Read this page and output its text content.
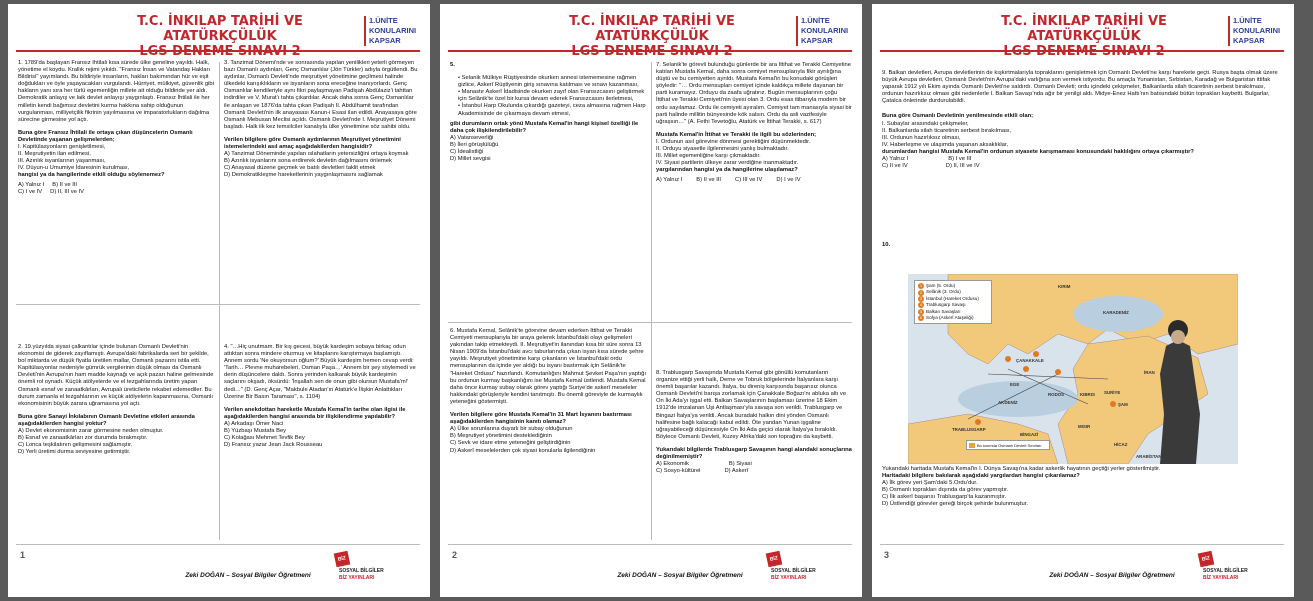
T.C. İNKILAP TARİHİ VE ATATÜRKÇÜLÜK
1.ÜNİTE
KONULARINI
KAPSAR

1. 1789'da başlayan Fransız İhtilali kısa sürede ülke geneline yayıldı. Halk, yönetime el koydu. Krallık rejimi yıkıldı. "Fransız İnsan ve Vatandaş Hakları Bildirisi" yayımlandı. Bu bildiriyle insanların, hakları bakımından hür ve eşit doğdukları ve öyle yaşayacakları vurgulandı. Hürriyet, mülkiyet, güvenlik gibi hakların yanı sıra her türlü egemenliğin millete ait olduğu bildiride yer aldı. Demokratik anlayış ve laik devlet anlayışı yaygınlaştı. Fransız İhtilali ile her milletin kendi bağımsız devletini kurma hakkına sahip olduğunun vurgulanması, milliyetçilik fikrinin yayılmasına ve imparatorlukların dağılma sürecine girmesine yol açtı.

Buna göre Fransız İhtilali ile ortaya çıkan düşüncelerin Osmanlı Devletinde yaşanan gelişmelerden;

I. Kapitülasyonların genişletilmesi,

II. Meşrutiyetin ilan edilmesi,

III. Azınlık isyanlarının yaşanması,

IV. Düyun-u Umumiye İdaresinin kurulması,

hangisi ya da hangilerinde etkili olduğu söylenemez?

A) Yalnız I B) II ve III
C) I ve IV D) II, III ve IV

2. 19.yüzyılda siyasi çalkantılar içinde bulunan Osmanlı Devleti'nin ekonomisi de giderek zayıflamıştı. Avrupa'daki fabrikalarda seri bir şekilde, bol miktarda ve düşük fiyatla üretilen mallar, Osmanlı pazarını istila etti. Kapitülasyonlar nedeniyle gümrük vergilerinin düşük olması da Osmanlı Devleti'nin Avrupa'nın ham madde kaynağı ve açık pazarı haline gelmesinde önemli rol oynadı. Küçük atölyelerde ve el tezgahlarında üretim yapan Osmanlı esnaf ve zanaatkârları, Avrupalı üreticilerle rekabet edemediler. Bu durum zamanla el tezgahlarının ve küçük atölyelerin kapanmasına, Osmanlı ekonomisinin büyük zarara uğramasına yol açtı.

Buna göre Sanayi İnkılabının Osmanlı Devletine etkileri arasında aşağıdakilerden hangisi yoktur?

A) Devlet ekonomisinin zarar görmesine neden olmuştur.

B) Esnaf ve zanaatkârları zor durumda bırakmıştır.

C) Lonca teşkilatının gelişmesini sağlamıştır.

D) Yerli üretimi durma seviyesine getirmiştir.

3. Tanzimat Dönemi'nde ve sonrasında yapılan yenilikleri yeterli görmeyen bazı Osmanlı aydınları, Genç Osmanlılar (Jön Türkler) adıyla örgütlendi. Bu aydınlar, Osmanlı Devleti'nde meşrutiyet yönetimine geçilmesi halinde ülkedeki karışıklıkların ve isyanların sona ereceğine inanıyorlardı. Genç Osmanlılar kendileriyle aynı fikri paylaşmayan Padişah Abdülaziz'i tahttan indirdiler ve V. Murat'ı tahta çıkardılar. Ancak daha sonra Genç Osmanlılar ile anlaşan ve 1876'da tahta çıkan Padişah II. Abdülhamit tarafından Osmanlı Devleti'nin ilk anayasası Kanun-i Esasi ilan edildi. Anayasaya göre Osmanlı Mebusan Meclisi açıldı. Osmanlı Devleti'nde I. Meşrutiyet Dönemi başladı. Halk ilk kez temsilciler kanalıyla ülke yönetimine söz sahibi oldu.

Verilen bilgilere göre Osmanlı aydınlarının Meşrutiyet yönetimini istemelerindeki asıl amaç aşağıdakilerden hangisidir?

A) Tanzimat Döneminde yapılan ıslahatların yetersizliğini ortaya koymak

B) Azınlık isyanlarını sona erdirerek devletin dağılmasını önlemek

C) Anayasal düzene geçmek ve batılı devletleri taklit etmek

D) Demokratikleşme hareketlerinin yaygınlaşmasını sağlamak

4. "…Hiç unutmam. Bir kış gecesi, büyük kardeşim sobaya birkaç odun attıktan sonra mindere oturmuş ve kitaplarını karıştırmaya başlamıştı. Annem sordu 'Ne okuyorsun oğlum?' Büyük kardeşim hemen cevap verdi: 'Tarih… Plevne muharebeleri, Osman Paşa…' Annem bir şey söylemedi ve derin düşüncelere daldı. Sonra yerinden kalkarak büyük kardeşimin saçlarını okşadı, öksürdü: 'İnşallah sen de onun gibi olursun Mustafa'm!' dedi…" (D. Genç Açar, "Makbule Atadan'ın Atatürk'e İlişkin Anlattıkları Üzerine Bir Basın Taraması", s. 1104)

Verilen anekdottan hareketle Mustafa Kemal'in tarihe olan ilgisi ile aşağıdakilerden hangisi arasında bir ilişkilendirme yapılabilir?

A) Arkadaşı Ömer Naci

B) Yüzbaşı Mustafa Bey

C) Kolağası Mehmet Tevfik Bey

D) Fransız yazar Jean Jack Rousseau

1
Zeki DOĞAN – Sosyal Bilgiler Öğretmeni
BİZ
SOSYAL BİLGİLER
BİZ YAYINLARI
T.C. İNKILAP TARİHİ VE ATATÜRKÇÜLÜK
1.ÜNİTE
KONULARINI
KAPSAR

5.

• Selanik Mülkiye Rüştiyesinde okurken annesi istememesine rağmen gizlice, Askerî Rüştiyenin giriş sınavına katılması ve sınavı kazanması,

• Manastır Askerî İdadisinde okurken zayıf olan Fransızcasını geliştirmek için Selânik'te özel bir kursa devam ederek Fransızcasını ilerletmesi,

• İstanbul Harp Okulunda çıkardığı gazeteyi, ceza almasına rağmen Harp Akademisinde de çıkarmaya devam etmesi,

gibi durumların ortak yönü Mustafa Kemal'in hangi kişisel özelliği ile daha çok ilişkilendirilebilir?

A) Vatanseverliği

B) İleri görüşlülüğü

C) İdealistliği

D) Millet sevgisi

6. Mustafa Kemal, Selânik'te görevine devam ederken İttihat ve Terakki Cemiyeti mensuplarıyla bir araya gelerek İstanbul'daki olayı gelişmeleri yakından takip etmekteydi. II. Meşrutiyet'in ilanından kısa bir süre sonra 13 Nisan 1909'da İstanbul'daki avcı taburlarında çıkan isyan kısa sürede şehre yayıldı. Meşrutiyet yönetimine karşı çıkanların ve İstanbul'daki ordu mensuplarının da içinde yer aldığı bu isyanı bastırmak için Selânik'te "Hareket Ordusu" hazırlandı. Komutanlığını Mahmut Şevket Paşa'nın yaptığı bu ordunun kurmay başkanlığını ise Mustafa Kemal üstlendi. Mustafa Kemal daha önce kurmay subay olarak görev yaptığı Suriye'de askerî meseleler hakkındaki görüşleriyle kendini tanıtmıştı. Bu önemli göreviyle de kurmaylık yeteneğini göstermişti.

Verilen bilgilere göre Mustafa Kemal'in 31 Mart İsyanını bastırması aşağıdakilerden hangisinin kanıtı olamaz?

A) Ülke sorunlarına duyarlı bir subay olduğunun

B) Meşrutiyet yönetimini desteklediğinin

C) Sevk ve idare etme yeteneğini geliştirdiğinin

D) Askerî meselelerden çok siyasi konularla ilgilendiğinin

7. Selanik'te görevli bulunduğu günlerde bir ara İttihat ve Terakki Cemiyetine katılan Mustafa Kemal, daha sonra cemiyet mensuplarıyla fikir ayrılığına düştü ve bu cemiyetten ayrıldı. Mustafa Kemal'in bu konudaki görüşleri şöyledir: "… Ordu mensupları cemiyet içinde kaldıkça millete dayanan bir parti kuramayız. Orduyu da zaafa uğratırız. Bugün mensuplarının çoğu İttihat ve Terakki Cemiyeti'nin üyesi olan 3. Ordu esas itibarıyla modern bir ordu sayılamaz. Ordu ile cemiyeti ayıralım. Cemiyet tam manasıyla siyasi bir parti halinde millitin bünyesinde kök salsın. Ordu da asli vazifesiyle uğraşsın…" (A. Fethi Tevetoğlu, Atatürk ve İttihat Terakki, s. 617)

Mustafa Kemal'in İttihat ve Terakki ile ilgili bu sözlerinden;

I. Ordunun asıl görevine dönmesi gerektiğini düşünmektedir.

II. Orduyu siyasetle ilgilenmesini yanlış bulmaktadır.

III. Millet egemenliğine karşı çıkmaktadır.

IV. Siyasi partilerin ülkeye zarar verdiğine inanmaktadır.

yargılarından hangisi ya da hangilerine ulaşılamaz?

A) Yalnız I B) II ve III C) III ve IV D) I ve IV

8. Trablusgarp Savaşında Mustafa Kemal gibi gönüllü komutanların organize ettiği yerli halk, Derne ve Tobruk bölgelerinde İtalyanlara karşı önemli başarılar kazandı. İtalya, bu direniş karşısında başarısız olunca Osmanlı Devleti'ni barışa zorlamak için Çanakkale Boğazı'nı abluka altı ve On İki Ada'yı işgal etti. Balkan Savaşlarının başlaması üzerine 18 Ekim 1912'de imzalanan Uşi Antlaşması'yla savaşa son verildi. Trablusgarp ve Bingazi İtalya'ya verildi. Ancak buradaki halkın dini yönden Osmanlı halifesine bağlı kalacağı kabul edildi. Öte yandan Yunan işgaline uğrayabileceği düşüncesiyle On İki Ada geçici olarak İtalya'ya bırakıldı. Böylece Osmanlı Devleti, Kuzey Afrika'daki son toprağını da kaybetti.

Yukarıdaki bilgilerde Trablusgarp Savaşının hangi alandaki sonuçlarına değinilmemiştir?

A) Ekonomik	B) Siyasi
C) Sosyo-kültürel	D) Askerî
2
Zeki DOĞAN – Sosyal Bilgiler Öğretmeni
BİZ
SOSYAL BİLGİLER
BİZ YAYINLARI
T.C. İNKILAP TARİHİ VE ATATÜRKÇÜLÜK
1.ÜNİTE
KONULARINI
KAPSAR

9. Balkan devletleri, Avrupa devletlerinin de kışkırtmalarıyla topraklarını genişletmek için Osmanlı Devleti'ne karşı harekete geçti. Rusya başta olmak üzere büyük Avrupa devletleri, Osmanlı Devleti'nin Avrupa'daki varlığına son vermek istiyordu. Bu amaçla Yunanistan, Sırbistan, Karadağ ve Bulgaristan ittifak yaparak 1912 yılı Ekim ayında Osmanlı Devleti'ne saldırdı. Osmanlı Devleti; ordu içindeki çekişmeler, Balkanlarda silah ticaretinin serbest bırakılması, ordunun hazırlıksız olması gibi nedenlerle I. Balkan Savaşı'nda ağır bir yenilgi aldı. Midye-Enez Hattı'nın batısındaki bütün toprakları kaybetti. Bulgarlar, Çatalca önlerinde durdurulabildi.

Buna göre Osmanlı Devletinin yenilmesinde etkili olan;

I. Subaylar arasındaki çekişmeler,

II. Balkanlarda silah ticaretinin serbest bırakılması,

III. Ordunun hazırlıksız olması,

IV. Haberleşme ve ulaşımda yaşanan aksaklıklar,

durumlardan hangisi Mustafa Kemal'in ordunun siyasete karışmaması konusundaki haklılığını ortaya çıkarmıştır?

A) Yalnız I	B) I ve III
C) II ve IV	D) II, III ve IV
10.
1 Şam (5. Ordu)
2 Selânik (3. Ordu)
3 İstanbul (Hareket Ordusu)
4 Trablusgarp Savaşı
5 Balkan Savaşları
6 Sofya (Askerî Ataşeliği)
KIRIM
KARADENİZ
ÇANAKKALE
EGE
RODOS
AKDENİZ
TRABLUSGARP
BİNGAZİ
KIBRIS SURİYE
ŞAM
HİCAZ
ARABİSTAN
İRAN
MISIR
Bu kısımda Osmanlı Devleti Sınırları

Yukarıdaki haritada Mustafa Kemal'in I. Dünya Savaşı'na kadar askerlik hayatının geçtiği yerler gösterilmiştir.

Haritadaki bilgilere bakılarak aşağıdaki yargılardan hangisi çıkarılamaz?

A) İlk görev yeri Şam'daki 5.Ordu'dur.

B) Osmanlı toprakları dışında da görev yapmıştır.

C) İlk askerî başarısı Trablusgarp'ta kazanmıştır.

D) Üstlendiği görevler gereği birçok şehirde bulunmuştur.

3
Zeki DOĞAN – Sosyal Bilgiler Öğretmeni
BİZ
SOSYAL BİLGİLER
BİZ YAYINLARI
